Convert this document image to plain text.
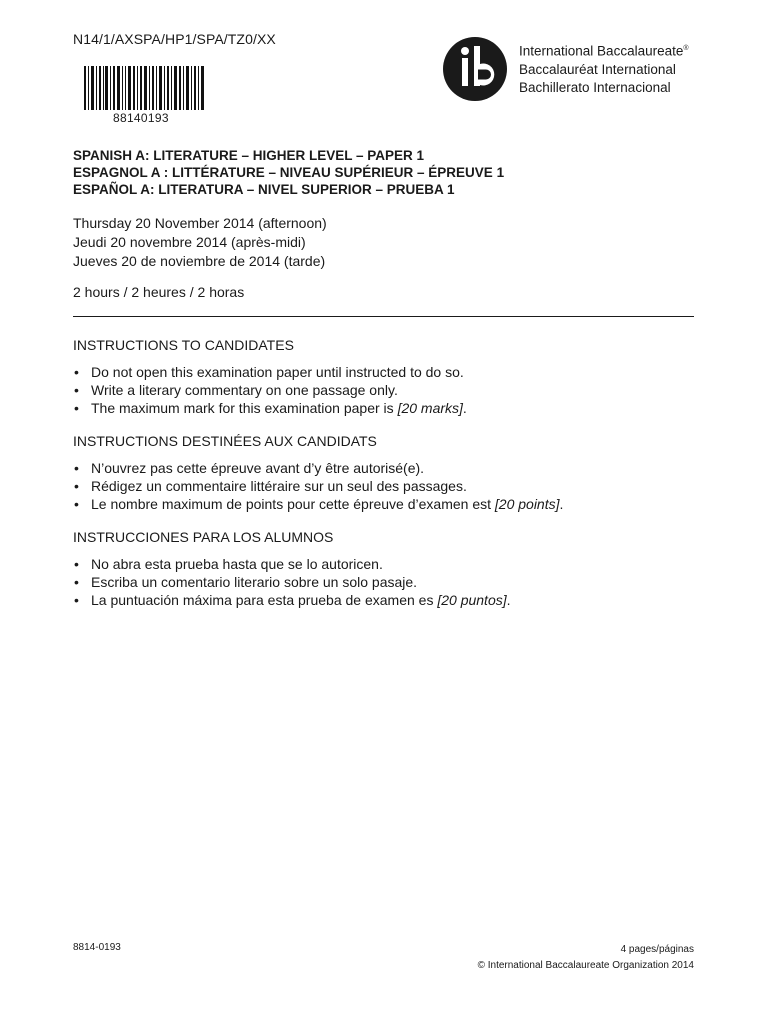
N14/1/AXSPA/HP1/SPA/TZ0/XX
88140193
International Baccalaureate®
Baccalauréat International
Bachillerato Internacional
SPANISH A: LITERATURE – HIGHER LEVEL – PAPER 1
ESPAGNOL A : LITTÉRATURE – NIVEAU SUPÉRIEUR – ÉPREUVE 1
ESPAÑOL A: LITERATURA – NIVEL SUPERIOR – PRUEBA 1
Thursday 20 November 2014 (afternoon)
Jeudi 20 novembre 2014 (après-midi)
Jueves 20 de noviembre de 2014 (tarde)
2 hours / 2 heures / 2 horas
INSTRUCTIONS TO CANDIDATES
• Do not open this examination paper until instructed to do so.
• Write a literary commentary on one passage only.
• The maximum mark for this examination paper is [20 marks].
INSTRUCTIONS DESTINÉES AUX CANDIDATS
• N’ouvrez pas cette épreuve avant d’y être autorisé(e).
• Rédigez un commentaire littéraire sur un seul des passages.
• Le nombre maximum de points pour cette épreuve d’examen est [20 points].
INSTRUCCIONES PARA LOS ALUMNOS
• No abra esta prueba hasta que se lo autoricen.
• Escriba un comentario literario sobre un solo pasaje.
• La puntuación máxima para esta prueba de examen es [20 puntos].
8814-0193	4 pages/páginas
© International Baccalaureate Organization 2014
